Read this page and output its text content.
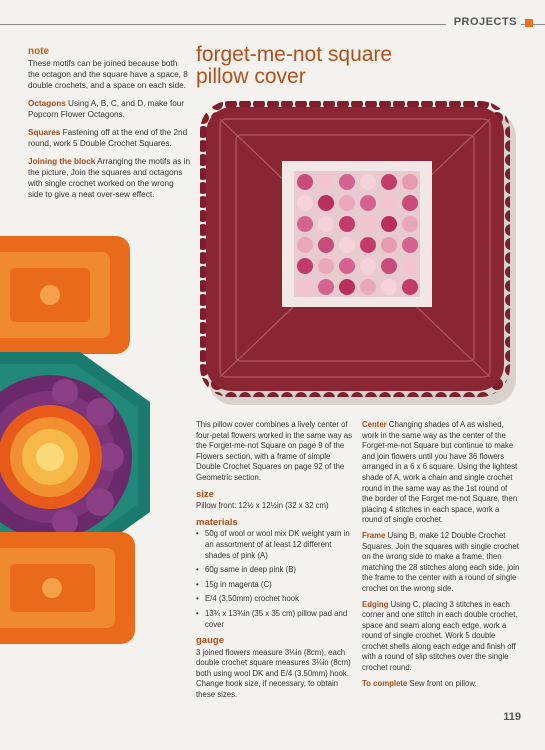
PROJECTS
note

These motifs can be joined because both the octagon and the square have a space, 8 double crochets, and a space on each side.

Octagons Using A, B, C, and D, make four Popcorn Flower Octagons.

Squares Fastening off at the end of the 2nd round, work 5 Double Crochet Squares.

Joining the block Arranging the motifs as in the picture, Join the squares and octagons with single crochet worked on the wrong side to give a neat over-sew effect.

forget-me-not square
pillow cover

This pillow cover combines a lively center of four-petal flowers worked in the same way as the Forget-me-not Square on page 9 of the Flowers section, with a frame of simple Double Crochet Squares on page 92 of the Geometric section.

size

Pillow front: 12½ x 12½in (32 x 32 cm)

materials
• 50g of wool or wool mix DK weight yarn in an assortment of at least 12 different shades of pink (A)
• 60g same in deep pink (B)
• 15g in magenta (C)
• E/4 (3.50mm) crochet hook
• 13¾ x 13¾in (35 x 35 cm) pillow pad and cover
gauge

3 joined flowers measure 3⅛in (8cm), each double crochet square measures 3⅛in (8cm) both using wool DK and E/4 (3.50mm) hook. Change hook size, if necessary, to obtain these sizes.

Center Changing shades of A as wished, work in the same way as the center of the Forget-me-not Square but continue to make and join flowers until you have 36 flowers arranged in a 6 x 6 square. Using the lightest shade of A, work a chain and single crochet round in the same way as the 1st round of the border of the Forget me-not Square, then placing 4 stitches in each space, work a round of single crochet.

Frame Using B, make 12 Double Crochet Squares. Join the squares with single crochet on the wrong side to make a frame, then matching the 28 stitches along each side, join the frame to the center with a round of single crochet on the wrong side.

Edging Using C, placing 3 stitches in each corner and one stitch in each double crochet, space and seam along each edge, work a round of single crochet. Work 5 double crochet shells along each edge and finish off with a round of slip stitches over the single crochet round.

To complete Sew front on pillow.

119
